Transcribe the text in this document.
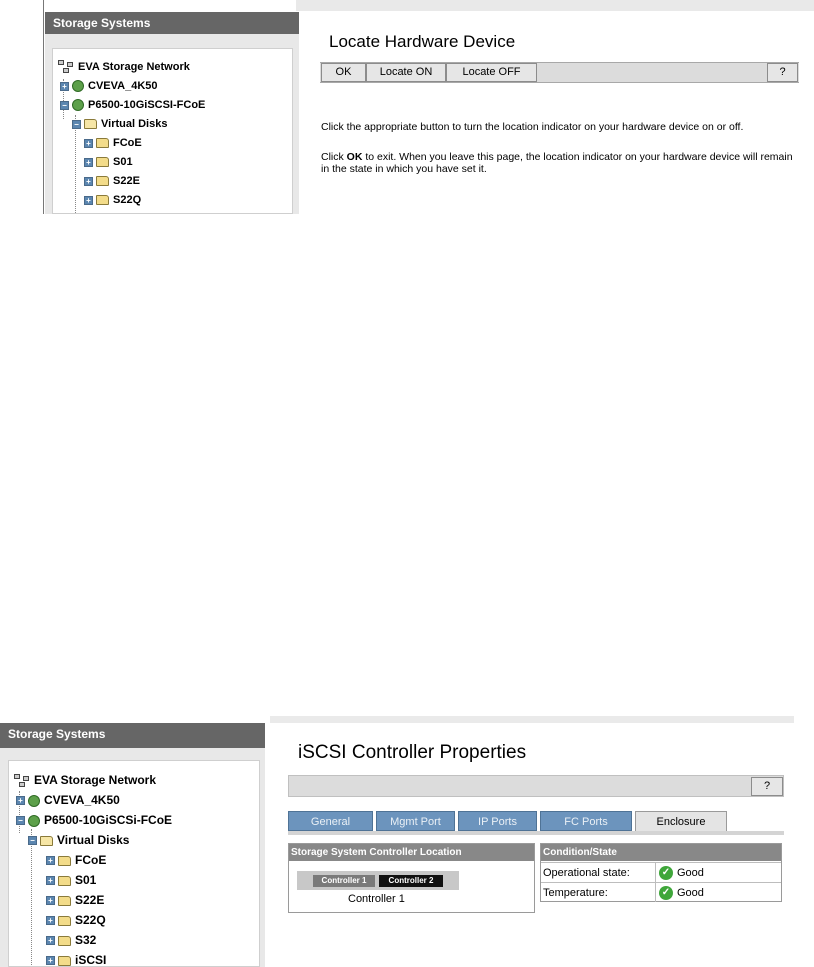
Storage Systems
EVA Storage Network
+ CVEVA_4K50
− P6500-10GiSCSI-FCoE
− Virtual Disks
+ FCoE
+ S01
+ S22E
+ S22Q
Locate Hardware Device
OK	Locate ON	Locate OFF	?
Click the appropriate button to turn the location indicator on your hardware device on or off.
Click OK to exit. When you leave this page, the location indicator on your hardware device will remain in the state in which you have set it.
Storage Systems
EVA Storage Network
+ CVEVA_4K50
− P6500-10GiSCSi-FCoE
− Virtual Disks
+ FCoE
+ S01
+ S22E
+ S22Q
+ S32
+ iSCSI
iSCSI Controller Properties
?
General	Mgmt Port	IP Ports	FC Ports	Enclosure
Storage System Controller Location
Controller 1	Controller 2
Controller 1
Condition/State
Operational state:	✓ Good
Temperature:	✓ Good
